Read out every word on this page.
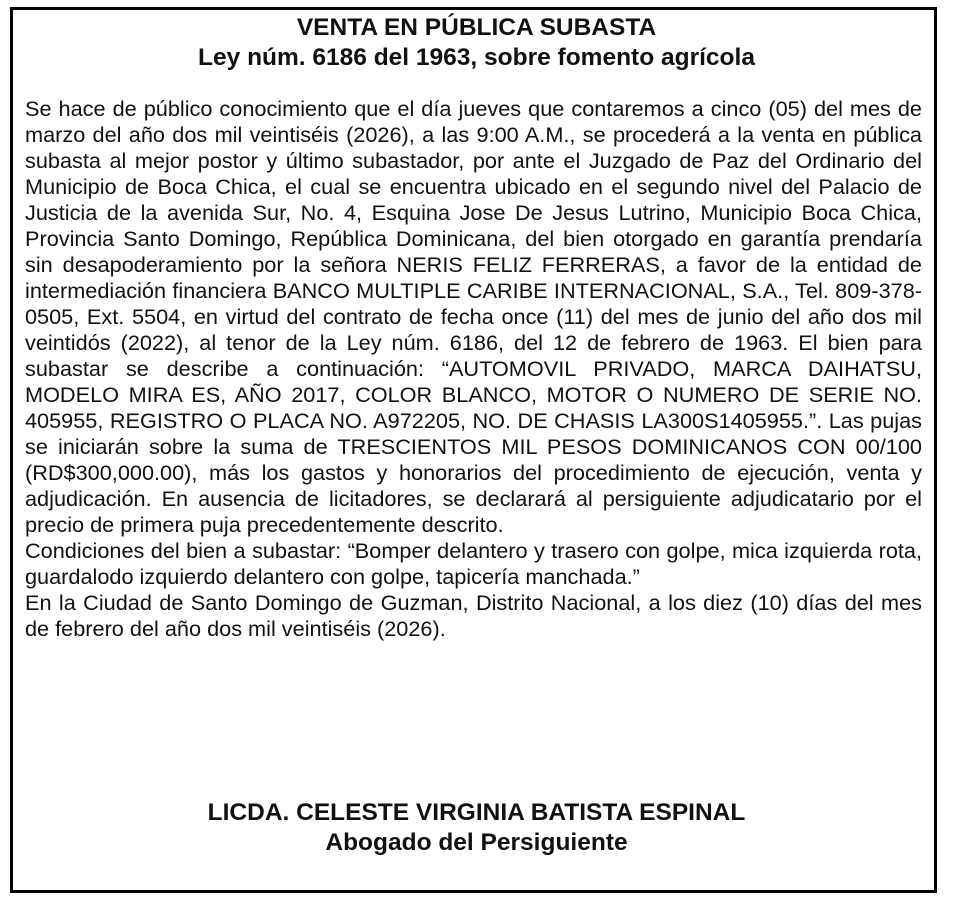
VENTA EN PÚBLICA SUBASTA
Ley núm. 6186 del 1963, sobre fomento agrícola

Se hace de público conocimiento que el día jueves que contaremos a cinco (05) del mes de marzo del año dos mil veintiséis (2026), a las 9:00 A.M., se procederá a la venta en pública subasta al mejor postor y último subastador, por ante el Juzgado de Paz del Ordinario del Municipio de Boca Chica, el cual se encuentra ubicado en el segundo nivel del Palacio de Justicia de la avenida Sur, No. 4, Esquina Jose De Jesus Lutrino, Municipio Boca Chica, Provincia Santo Domingo, República Dominicana, del bien otorgado en garantía prendaría sin desapoderamiento por la señora NERIS FELIZ FERRERAS, a favor de la entidad de intermediación financiera BANCO MULTIPLE CARIBE INTERNACIONAL, S.A., Tel. 809-378-0505, Ext. 5504, en virtud del contrato de fecha once (11) del mes de junio del año dos mil veintidós (2022), al tenor de la Ley núm. 6186, del 12 de febrero de 1963. El bien para subastar se describe a continuación: “AUTOMOVIL PRIVADO, MARCA DAIHATSU, MODELO MIRA ES, AÑO 2017, COLOR BLANCO, MOTOR O NUMERO DE SERIE NO. 405955, REGISTRO O PLACA NO. A972205, NO. DE CHASIS LA300S1405955.”. Las pujas se iniciarán sobre la suma de TRESCIENTOS MIL PESOS DOMINICANOS CON 00/100 (RD$300,000.00), más los gastos y honorarios del procedimiento de ejecución, venta y adjudicación. En ausencia de licitadores, se declarará al persiguiente adjudicatario por el precio de primera puja precedentemente descrito.

Condiciones del bien a subastar: “Bomper delantero y trasero con golpe, mica izquierda rota, guardalodo izquierdo delantero con golpe, tapicería manchada.”

En la Ciudad de Santo Domingo de Guzman, Distrito Nacional, a los diez (10) días del mes de febrero del año dos mil veintiséis (2026).

LICDA. CELESTE VIRGINIA BATISTA ESPINAL
Abogado del Persiguiente
